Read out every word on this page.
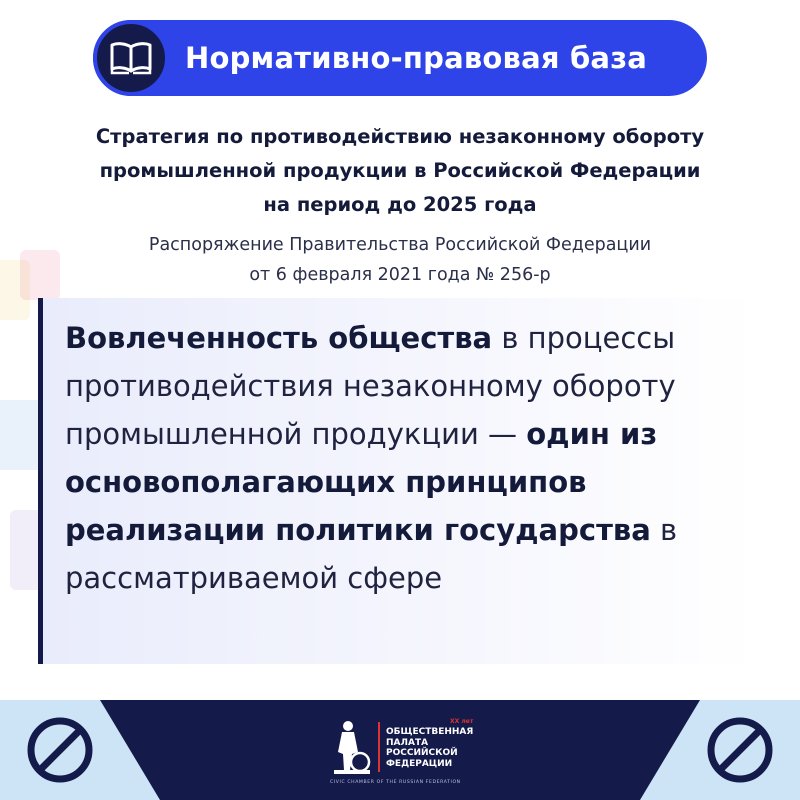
Нормативно-правовая база
Стратегия по противодействию незаконному обороту
промышленной продукции в Российской Федерации
на период до 2025 года
Распоряжение Правительства Российской Федерации
от 6 февраля 2021 года № 256-р
Вовлеченность общества в процессы противодействия незаконному обороту промышленной продукции — один из основополагающих принципов реализации политики государства в рассматриваемой сфере
XX лет
ОБЩЕСТВЕННАЯ
ПАЛАТА
РОССИЙСКОЙ
ФЕДЕРАЦИИ
CIVIC CHAMBER OF THE RUSSIAN FEDERATION
